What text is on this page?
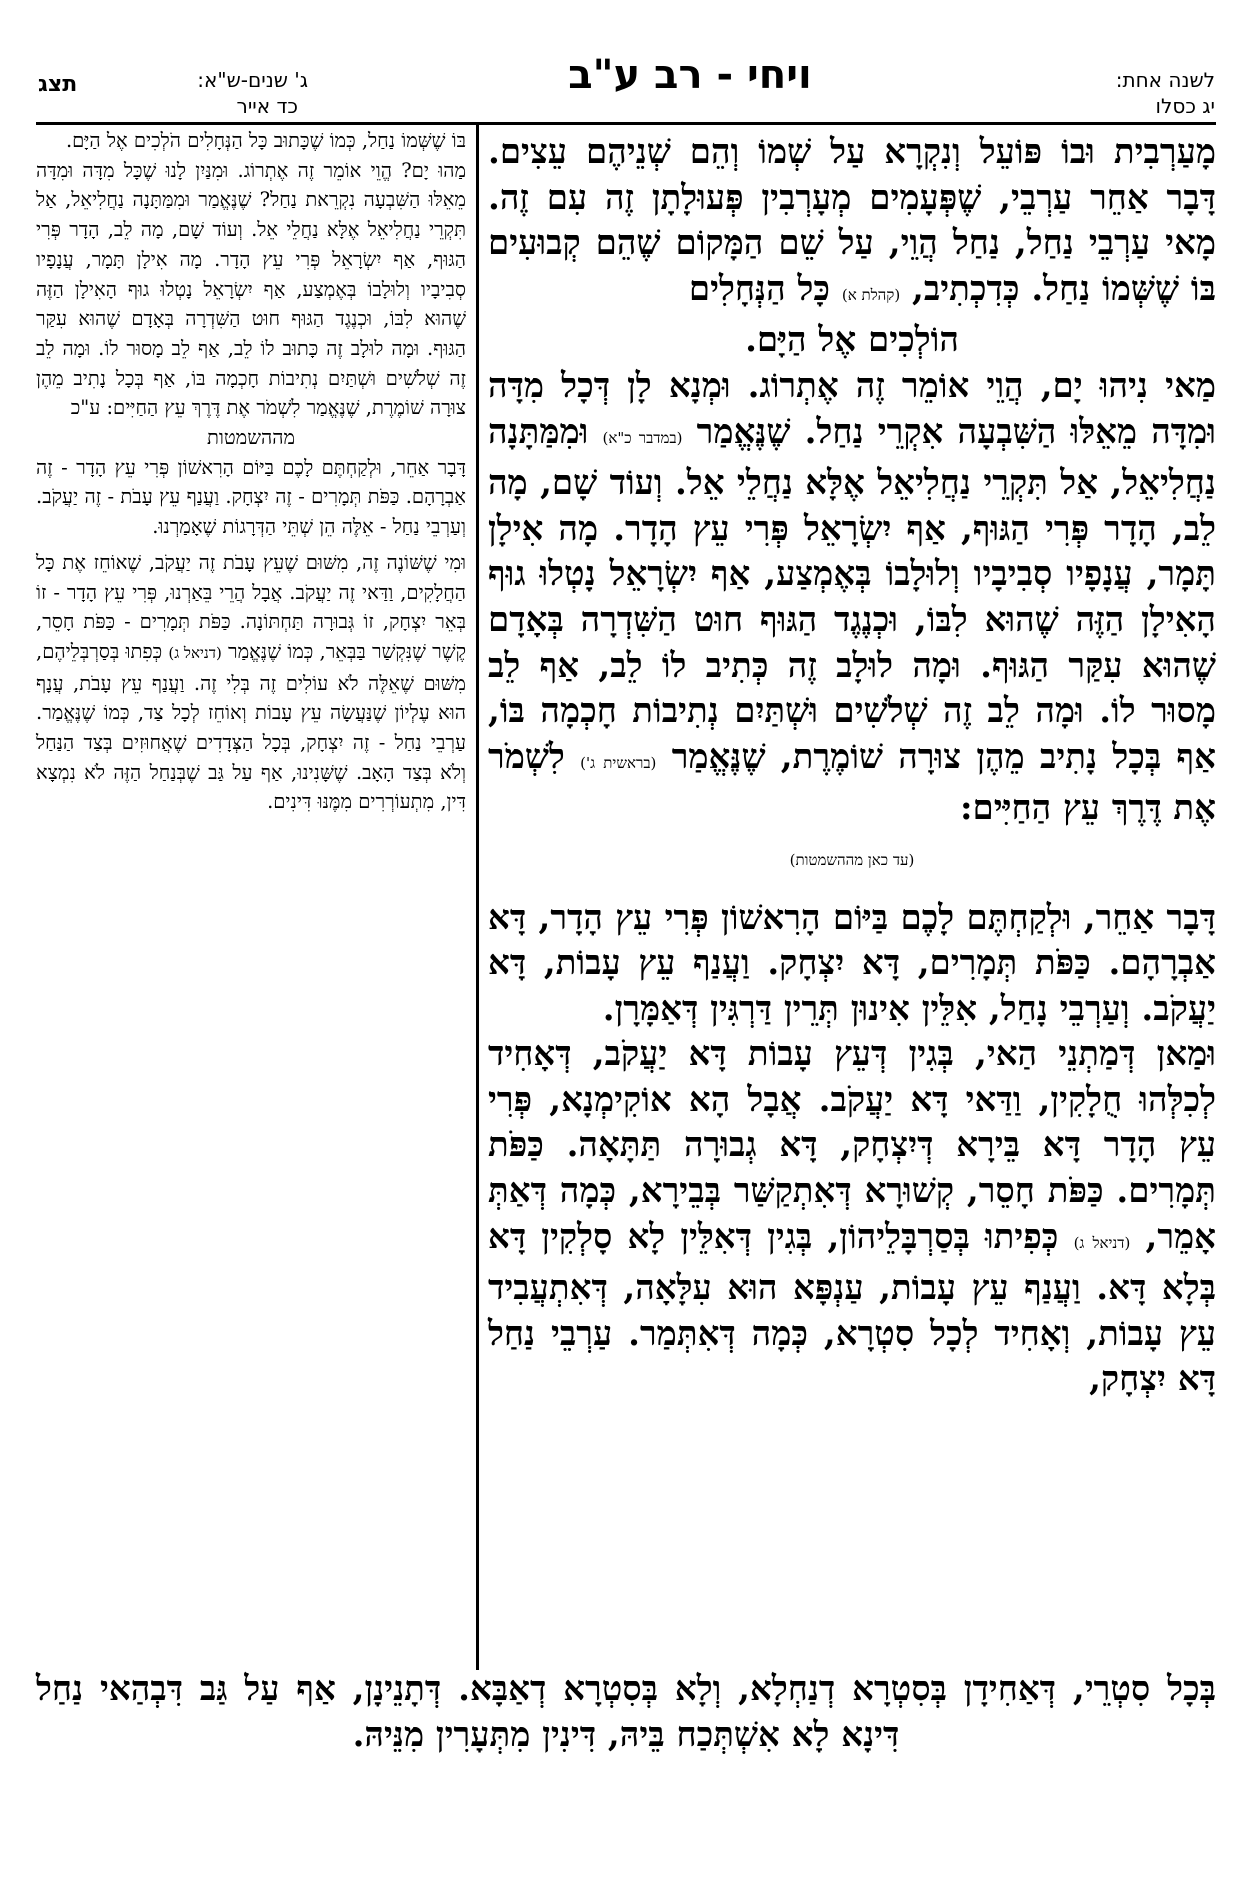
תצג	ג' שנים-ש"א:
כד אייר
ויחי - רב ע"ב	לשנה אחת:
יג כסלו

מָעַרְבִית וּבוֹ פּוֹעֵל וְנִקְרָא עַל שְׁמוֹ וְהֵם שְׁנֵיהֶם עֵצִים. דָּבָר אַחֵר עַרְבֵי, שֶׁפְּעָמִים מְעָרְבִין פְּעוּלָתָן זֶה עִם זֶה. מָאי עַרְבֵי נַחַל, נַחַל הֲוֵי, עַל שֵׁם הַמָּקוֹם שֶׁהֵם קְבוּעִים בּוֹ שֶׁשְּׁמוֹ נַחַל. כְּדִכְתִיב, (קהלת א) כָּל הַנְּחָלִים

הוֹלְכִים אֶל הַיָּם.

מַאי נִיהוּ יָם, הֲוֵי אוֹמֵר זֶה אֶתְרוֹג. וּמְנָא לָן דְּכָל מִדָּה וּמִדָּה מֵאֵלּוּ הַשִּׁבְעָה אִקְרֵי נַחַל. שֶׁנֶּאֱמַר (במדבר כ"א) וּמִמַּתָּנָה נַחֲלִיאֵל, אַל תִּקְרֵי נַחֲלִיאֵל אֶלָּא נַחֲלֵי אֵל. וְעוֹד שָׁם, מָה לֵב, הָדָר פְּרִי הַגּוּף, אַף יִשְׂרָאֵל פְּרִי עֵץ הָדָר. מָה אִילָן תָּמָר, עֲנָפָיו סְבִיבָיו וְלוּלָבוֹ בְּאֶמְצַע, אַף יִשְׂרָאֵל נָטְלוּ גוּף הָאִילָן הַזֶּה שֶׁהוּא לִבּוֹ, וּכְנֶגֶד הַגּוּף חוּט הַשִּׁדְרָה בְּאָדָם שֶׁהוּא עִקַּר הַגּוּף. וּמָה לוּלָב זֶה כְּתִיב לוֹ לֵב, אַף לֵב מָסוּר לוֹ. וּמָה לֵב זֶה שְׁלֹשִׁים וּשְׁתַּיִם נְתִיבוֹת חָכְמָה בּוֹ, אַף בְּכָל נָתִיב מֵהֶן צוּרָה שׁוֹמֶרֶת, שֶׁנֶּאֱמַר (בראשית ג') לִשְׁמֹר אֶת דֶּרֶךְ עֵץ הַחַיִּים:

(עד כאן מההשמטות)

דָּבָר אַחֵר, וּלְקַחְתֶּם לָכֶם בַּיּוֹם הָרִאשׁוֹן פְּרִי עֵץ הָדָר, דָּא אַבְרָהָם. כַּפֹּת תְּמָרִים, דָּא יִצְחָק. וַעֲנַף עֵץ עָבוֹת, דָּא יַעֲקֹב. וְעַרְבֵי נָחַל, אִלֵּין אִינוּן תְּרֵין דַּרְגִּין דְּאַמָּרָן.

וּמַאן דְּמַתְנֵי הַאי, בְּגִין דְּעֵץ עָבוֹת דָּא יַעֲקֹב, דְּאָחִיד לְכִלְּהוּ חֻלָקִין, וַדַּאי דָּא יַעֲקֹב. אֲבָל הָא אוֹקִימְנָא, פְּרִי עֵץ הָדָר דָּא בֵּירָא דְּיִצְחָק, דָּא גְבוּרָה תַּתָּאָה. כַּפֹּת תְּמָרִים. כַּפֹּת חָסֵר, קְשׁוּרָא דְּאִתְקַשַּׁר בְּבֵירָא, כְּמָה דְּאַתְּ אָמֵר, (דניאל ג) כְּפִיתוּ בְּסַרְבָּלֵיהוֹן, בְּגִין דְּאִלֵּין לָא סָלְקִין דָּא בְּלָא דָּא. וַעֲנַף עֵץ עָבוֹת, עַנְפָּא הוּא עִלָּאָה, דְּאִתְעֲבִיד עֵץ עָבוֹת, וְאָחִיד לְכָל סִטְרָא, כְּמָה דְּאִתְּמַר. עַרְבֵי נַחַל דָּא יִצְחָק,

בּוֹ שֶׁשְּׁמוֹ נַחַל, כְּמוֹ שֶׁכָּתוּב כָּל הַנְּחָלִים הֹלְכִים אֶל הַיָּם.

מַהוּ יָם? הֱוֵי אוֹמֵר זֶה אֶתְרוֹג. וּמִנַּיִן לָנוּ שֶׁכָּל מִדָּה וּמִדָּה מֵאֵלּוּ הַשִּׁבְעָה נִקְרֵאת נַחַל? שֶׁנֶּאֱמַר וּמִמַּתָּנָה נַחֲלִיאֵל, אַל תִּקְרֵי נַחֲלִיאֵל אֶלָּא נַחֲלֵי אֵל. וְעוֹד שָׁם, מָה לֵב, הָדָר פְּרִי הַגּוּף, אַף יִשְׂרָאֵל פְּרִי עֵץ הָדָר. מָה אִילָן תָּמָר, עֲנָפָיו סְבִיבָיו וְלוּלָבוֹ בְּאֶמְצַע, אַף יִשְׂרָאֵל נָטְלוּ גוּף הָאִילָן הַזֶּה שֶׁהוּא לִבּוֹ, וּכְנֶגֶד הַגּוּף חוּט הַשִּׁדְרָה בְּאָדָם שֶׁהוּא עִקַּר הַגּוּף. וּמָה לוּלָב זֶה כָּתוּב לוֹ לֵב, אַף לֵב מָסוּר לוֹ. וּמָה לֵב זֶה שְׁלֹשִׁים וּשְׁתַּיִם נְתִיבוֹת חָכְמָה בּוֹ, אַף בְּכָל נָתִיב מֵהֶן צוּרָה שׁוֹמֶרֶת, שֶׁנֶּאֱמַר לִשְׁמֹר אֶת דֶּרֶךְ עֵץ הַחַיִּים: ע"כ

מההשמטות

דָּבָר אַחֵר, וּלְקַחְתֶּם לָכֶם בַּיּוֹם הָרִאשׁוֹן פְּרִי עֵץ הָדָר - זֶה אַבְרָהָם. כַּפֹּת תְּמָרִים - זֶה יִצְחָק. וַעֲנַף עֵץ עָבֹת - זֶה יַעֲקֹב. וְעַרְבֵי נַחַל - אֵלֶּה הֵן שְׁתֵּי הַדְּרָגוֹת שֶׁאָמַרְנוּ.

וּמִי שֶׁשּׁוֹנֶה זֶה, מִשּׁוּם שֶׁעֵץ עָבֹת זֶה יַעֲקֹב, שֶׁאוֹחֵז אֶת כָּל הַחֲלָקִים, וַדַּאי זֶה יַעֲקֹב. אֲבָל הֲרֵי בֵּאַרְנוּ, פְּרִי עֵץ הָדָר - זוֹ בְּאֵר יִצְחָק, זוֹ גְּבוּרָה תַּחְתּוֹנָה. כַּפֹּת תְּמָרִים - כַּפֹּת חָסֵר, קֶשֶׁר שֶׁנִּקְשַׁר בַּבְּאֵר, כְּמוֹ שֶׁנֶּאֱמַר (דניאל ג) כְּפִתוּ בְּסַרְבְּלֵיהֶם, מִשּׁוּם שֶׁאֵלֶּה לֹא עוֹלִים זֶה בְּלִי זֶה. וַעֲנַף עֵץ עָבֹת, עֲנָף הוּא עֶלְיוֹן שֶׁנַּעֲשָׂה עֵץ עָבוֹת וְאוֹחֵז לְכָל צַד, כְּמוֹ שֶׁנֶּאֱמַר. עַרְבֵי נַחַל - זֶה יִצְחָק, בְּכָל הַצְּדָדִים שֶׁאֲחוּזִים בְּצַד הַנַּחַל וְלֹא בְּצַד הָאָב. שֶׁשָּׁנִינוּ, אַף עַל גַּב שֶׁבְּנַחַל הַזֶּה לֹא נִמְצָא דִּין, מִתְעוֹרְרִים מִמֶּנּוּ דִּינִים.

בְּכָל סִטְרֵי, דְּאַחִידָן בְּסִטְרָא דְנַחְלָא, וְלָא בְּסִטְרָא דְאַבָּא. דְּתָנֵינָן, אַף עַל גַּב דִּבְהַאי נַחַל דִּינָא לָא אִשְׁתְּכַח בֵּיהּ, דִּינִין מִתְּעָרִין מִנֵּיהּ.
